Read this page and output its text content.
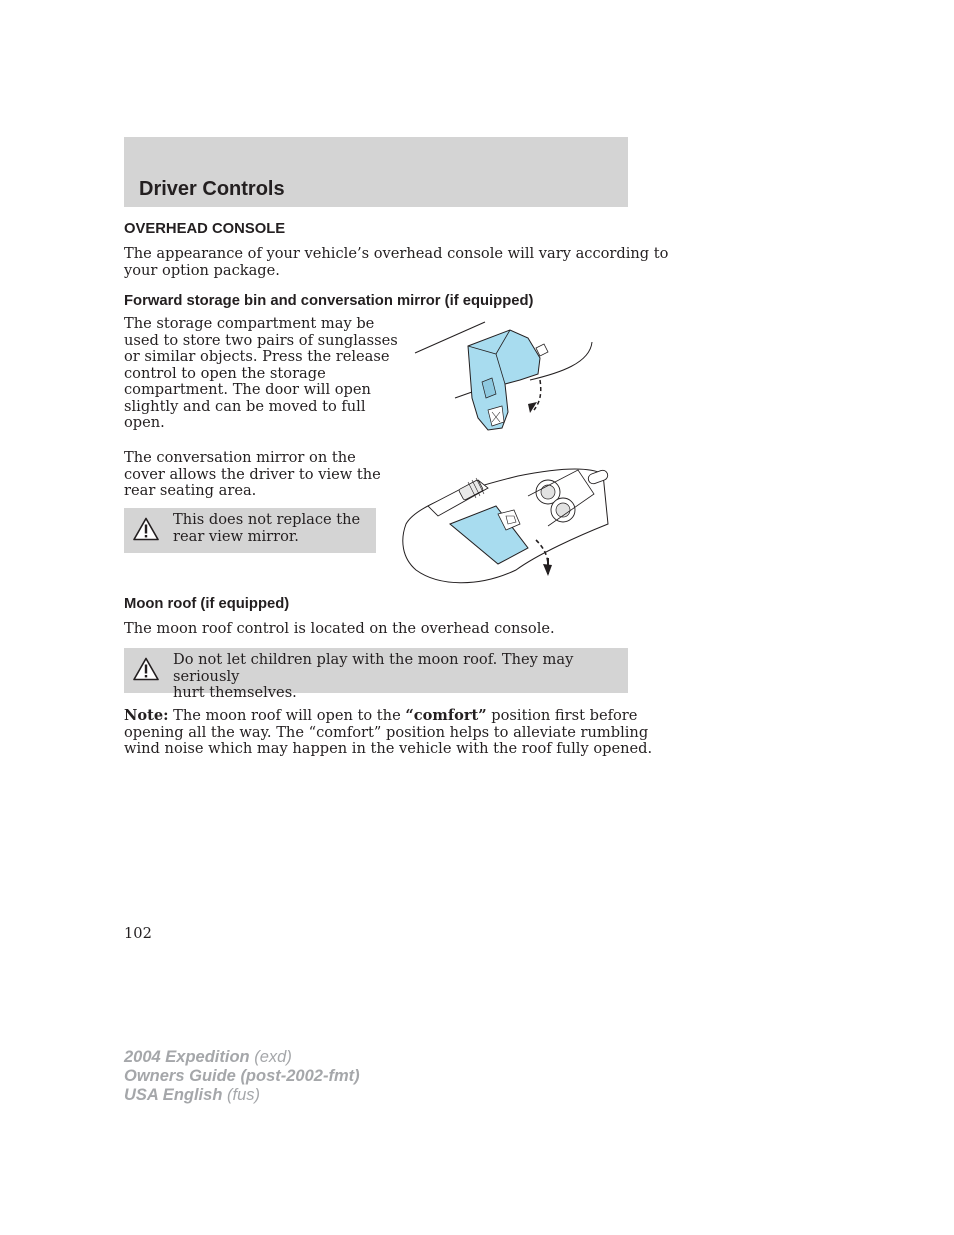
Driver Controls
OVERHEAD CONSOLE
The appearance of your vehicle’s overhead console will vary according to
your option package.
Forward storage bin and conversation mirror (if equipped)
The storage compartment may be
used to store two pairs of sunglasses
or similar objects. Press the release
control to open the storage
compartment. The door will open
slightly and can be moved to full
open.
The conversation mirror on the
cover allows the driver to view the
rear seating area.
This does not replace the
rear view mirror.
Moon roof (if equipped)
The moon roof control is located on the overhead console.
Do not let children play with the moon roof. They may seriously
hurt themselves.
Note: The moon roof will open to the “comfort” position first before
opening all the way. The “comfort” position helps to alleviate rumbling
wind noise which may happen in the vehicle with the roof fully opened.
102
2004 Expedition (exd)
Owners Guide (post-2002-fmt)
USA English (fus)
